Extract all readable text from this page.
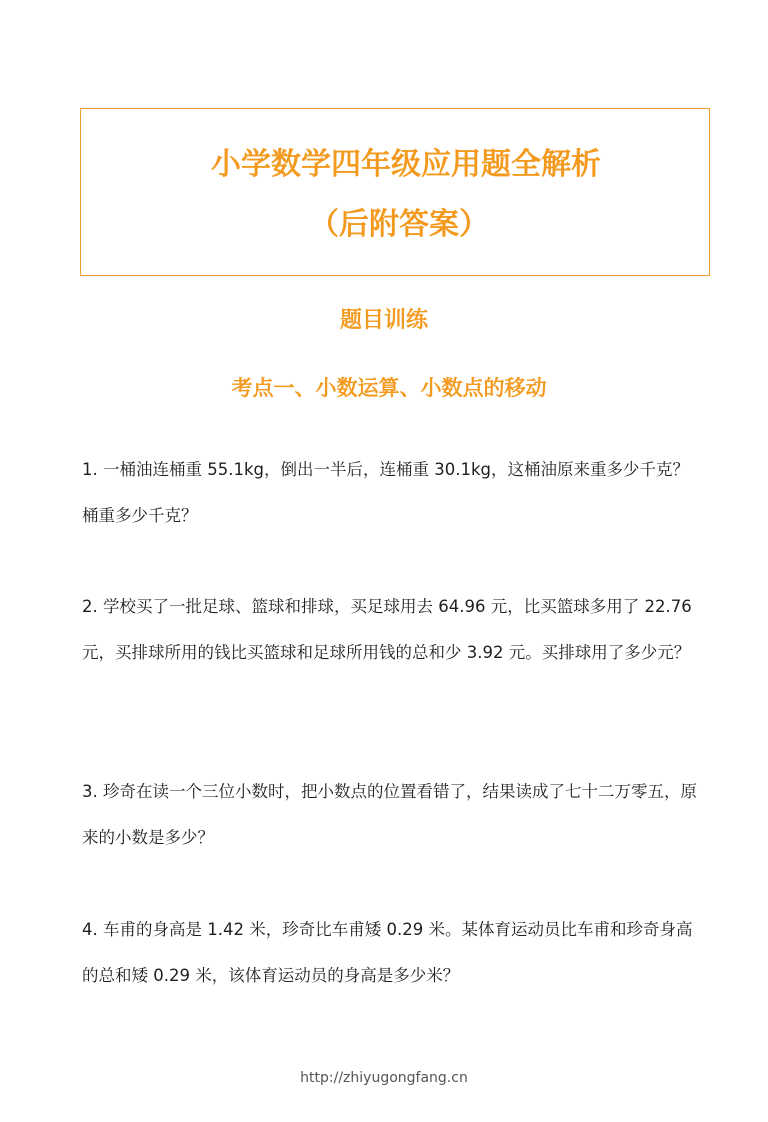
小学数学四年级应用题全解析
（后附答案）
题目训练
考点一、小数运算、小数点的移动
1. 一桶油连桶重 55.1kg，倒出一半后，连桶重 30.1kg，这桶油原来重多少千克？桶重多少千克？
2. 学校买了一批足球、篮球和排球，买足球用去 64.96 元，比买篮球多用了 22.76 元，买排球所用的钱比买篮球和足球所用钱的总和少 3.92 元。买排球用了多少元？
3. 珍奇在读一个三位小数时，把小数点的位置看错了，结果读成了七十二万零五，原来的小数是多少？
4. 车甫的身高是 1.42 米，珍奇比车甫矮 0.29 米。某体育运动员比车甫和珍奇身高的总和矮 0.29 米，该体育运动员的身高是多少米？
http://zhiyugongfang.cn
